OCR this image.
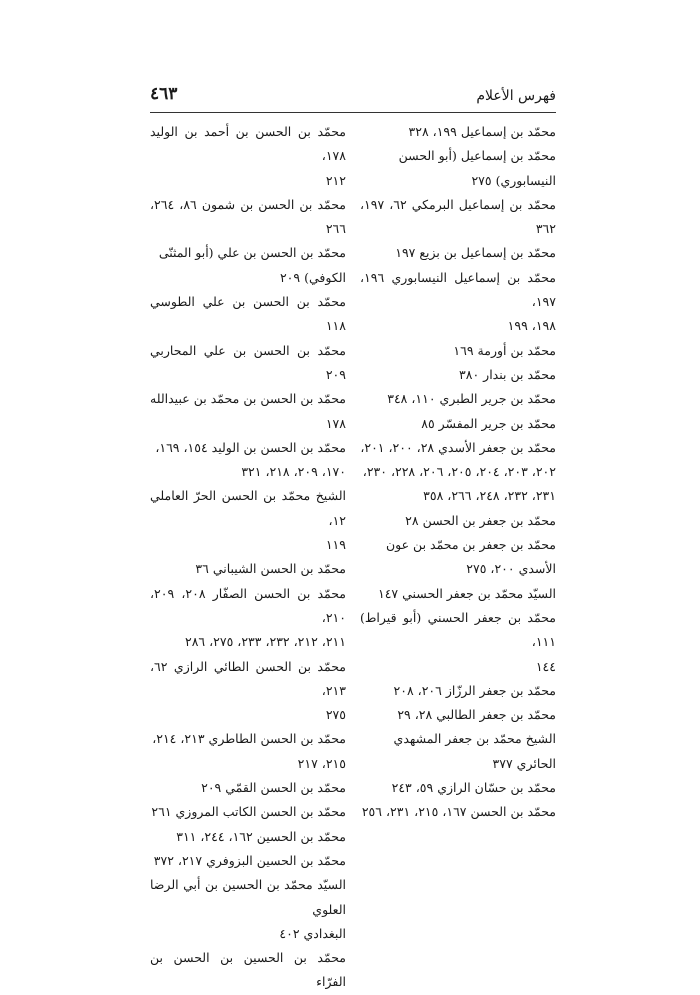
فهرس الأعلام
٤٦٣
محمّد بن إسماعيل ١٩٩، ٣٢٨
محمّد بن إسماعيل (أبو الحسن
النيسابوري) ٢٧٥
محمّد بن إسماعيل البرمكي ٦٢، ١٩٧، ٣٦٢
محمّد بن إسماعيل بن بزيع ١٩٧
محمّد بن إسماعيل النيسابوري ١٩٦، ١٩٧،
١٩٨، ١٩٩
محمّد بن أورمة ١٦٩
محمّد بن بندار ٣٨٠
محمّد بن جرير الطبري ١١٠، ٣٤٨
محمّد بن جرير المفسّر ٨٥
محمّد بن جعفر الأسدي ٢٨، ٢٠٠، ٢٠١،
٢٠٢، ٢٠٣، ٢٠٤، ٢٠٥، ٢٠٦، ٢٢٨، ٢٣٠،
٢٣١، ٢٣٢، ٢٤٨، ٢٦٦، ٣٥٨
محمّد بن جعفر بن الحسن ٢٨
محمّد بن جعفر بن محمّد بن عون
الأسدي ٢٠٠، ٢٧٥
السيّد محمّد بن جعفر الحسني ١٤٧
محمّد بن جعفر الحسني (أبو قيراط) ١١١،
١٤٤
محمّد بن جعفر الرزّاز ٢٠٦، ٢٠٨
محمّد بن جعفر الطالبي ٢٨، ٢٩
الشيخ محمّد بن جعفر المشهدي
الحائري ٣٧٧
محمّد بن حسّان الرازي ٥٩، ٢٤٣
محمّد بن الحسن ١٦٧، ٢١٥، ٢٣١، ٢٥٦
محمّد بن الحسن بن أحمد بن الوليد ١٧٨،
٢١٢
محمّد بن الحسن بن شمون ٨٦، ٢٦٤، ٢٦٦
محمّد بن الحسن بن علي (أبو المثنّى
الكوفي) ٢٠٩
محمّد بن الحسن بن علي الطوسي ١١٨
محمّد بن الحسن بن علي المحاربي ٢٠٩
محمّد بن الحسن بن محمّد بن عبيدالله ١٧٨
محمّد بن الحسن بن الوليد ١٥٤، ١٦٩،
١٧٠، ٢٠٩، ٢١٨، ٣٢١
الشيخ محمّد بن الحسن الحرّ العاملي ١٢،
١١٩
محمّد بن الحسن الشيباني ٣٦
محمّد بن الحسن الصفّار ٢٠٨، ٢٠٩، ٢١٠،
٢١١، ٢١٢، ٢٣٢، ٢٣٣، ٢٧٥، ٢٨٦
محمّد بن الحسن الطائي الرازي ٦٢، ٢١٣،
٢٧٥
محمّد بن الحسن الطاطري ٢١٣، ٢١٤،
٢١٥، ٢١٧
محمّد بن الحسن القمّي ٢٠٩
محمّد بن الحسن الكاتب المروزي ٢٦١
محمّد بن الحسين ١٦٢، ٢٤٤، ٣١١
محمّد بن الحسين البزوفري ٢١٧، ٣٧٢
السيّد محمّد بن الحسين بن أبي الرضا العلوي
البغدادي ٤٠٢
محمّد بن الحسين بن الحسن بن الفرّاء
